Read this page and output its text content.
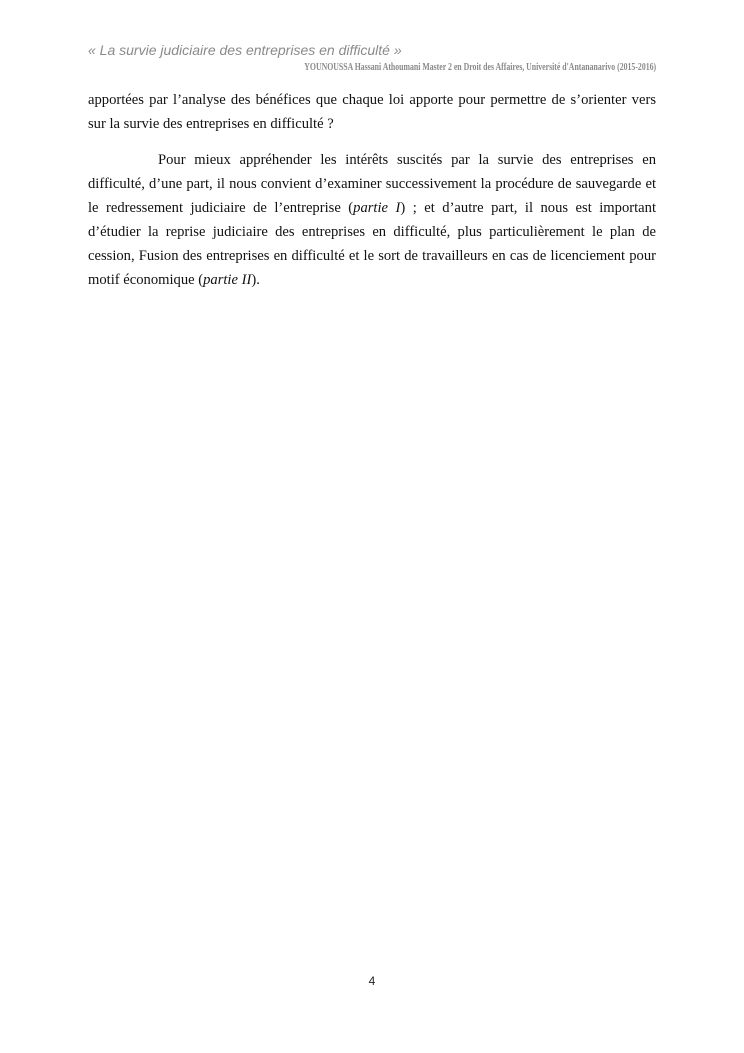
« La survie judiciaire des entreprises en difficulté »
YOUNOUSSA Hassani Athoumani Master 2 en Droit des Affaires, Université d'Antananarivo (2015-2016)

apportées par l’analyse des bénéfices que chaque loi apporte pour permettre de s’orienter vers sur la survie des entreprises en difficulté ?

Pour mieux appréhender les intérêts suscités par la survie des entreprises en difficulté, d’une part, il nous convient d’examiner successivement la procédure de sauvegarde et le redressement judiciaire de l’entreprise (partie I) ; et d’autre part, il nous est important d’étudier la reprise judiciaire des entreprises en difficulté, plus particulièrement le plan de cession, Fusion des entreprises en difficulté et le sort de travailleurs en cas de licenciement pour motif économique (partie II).

4
